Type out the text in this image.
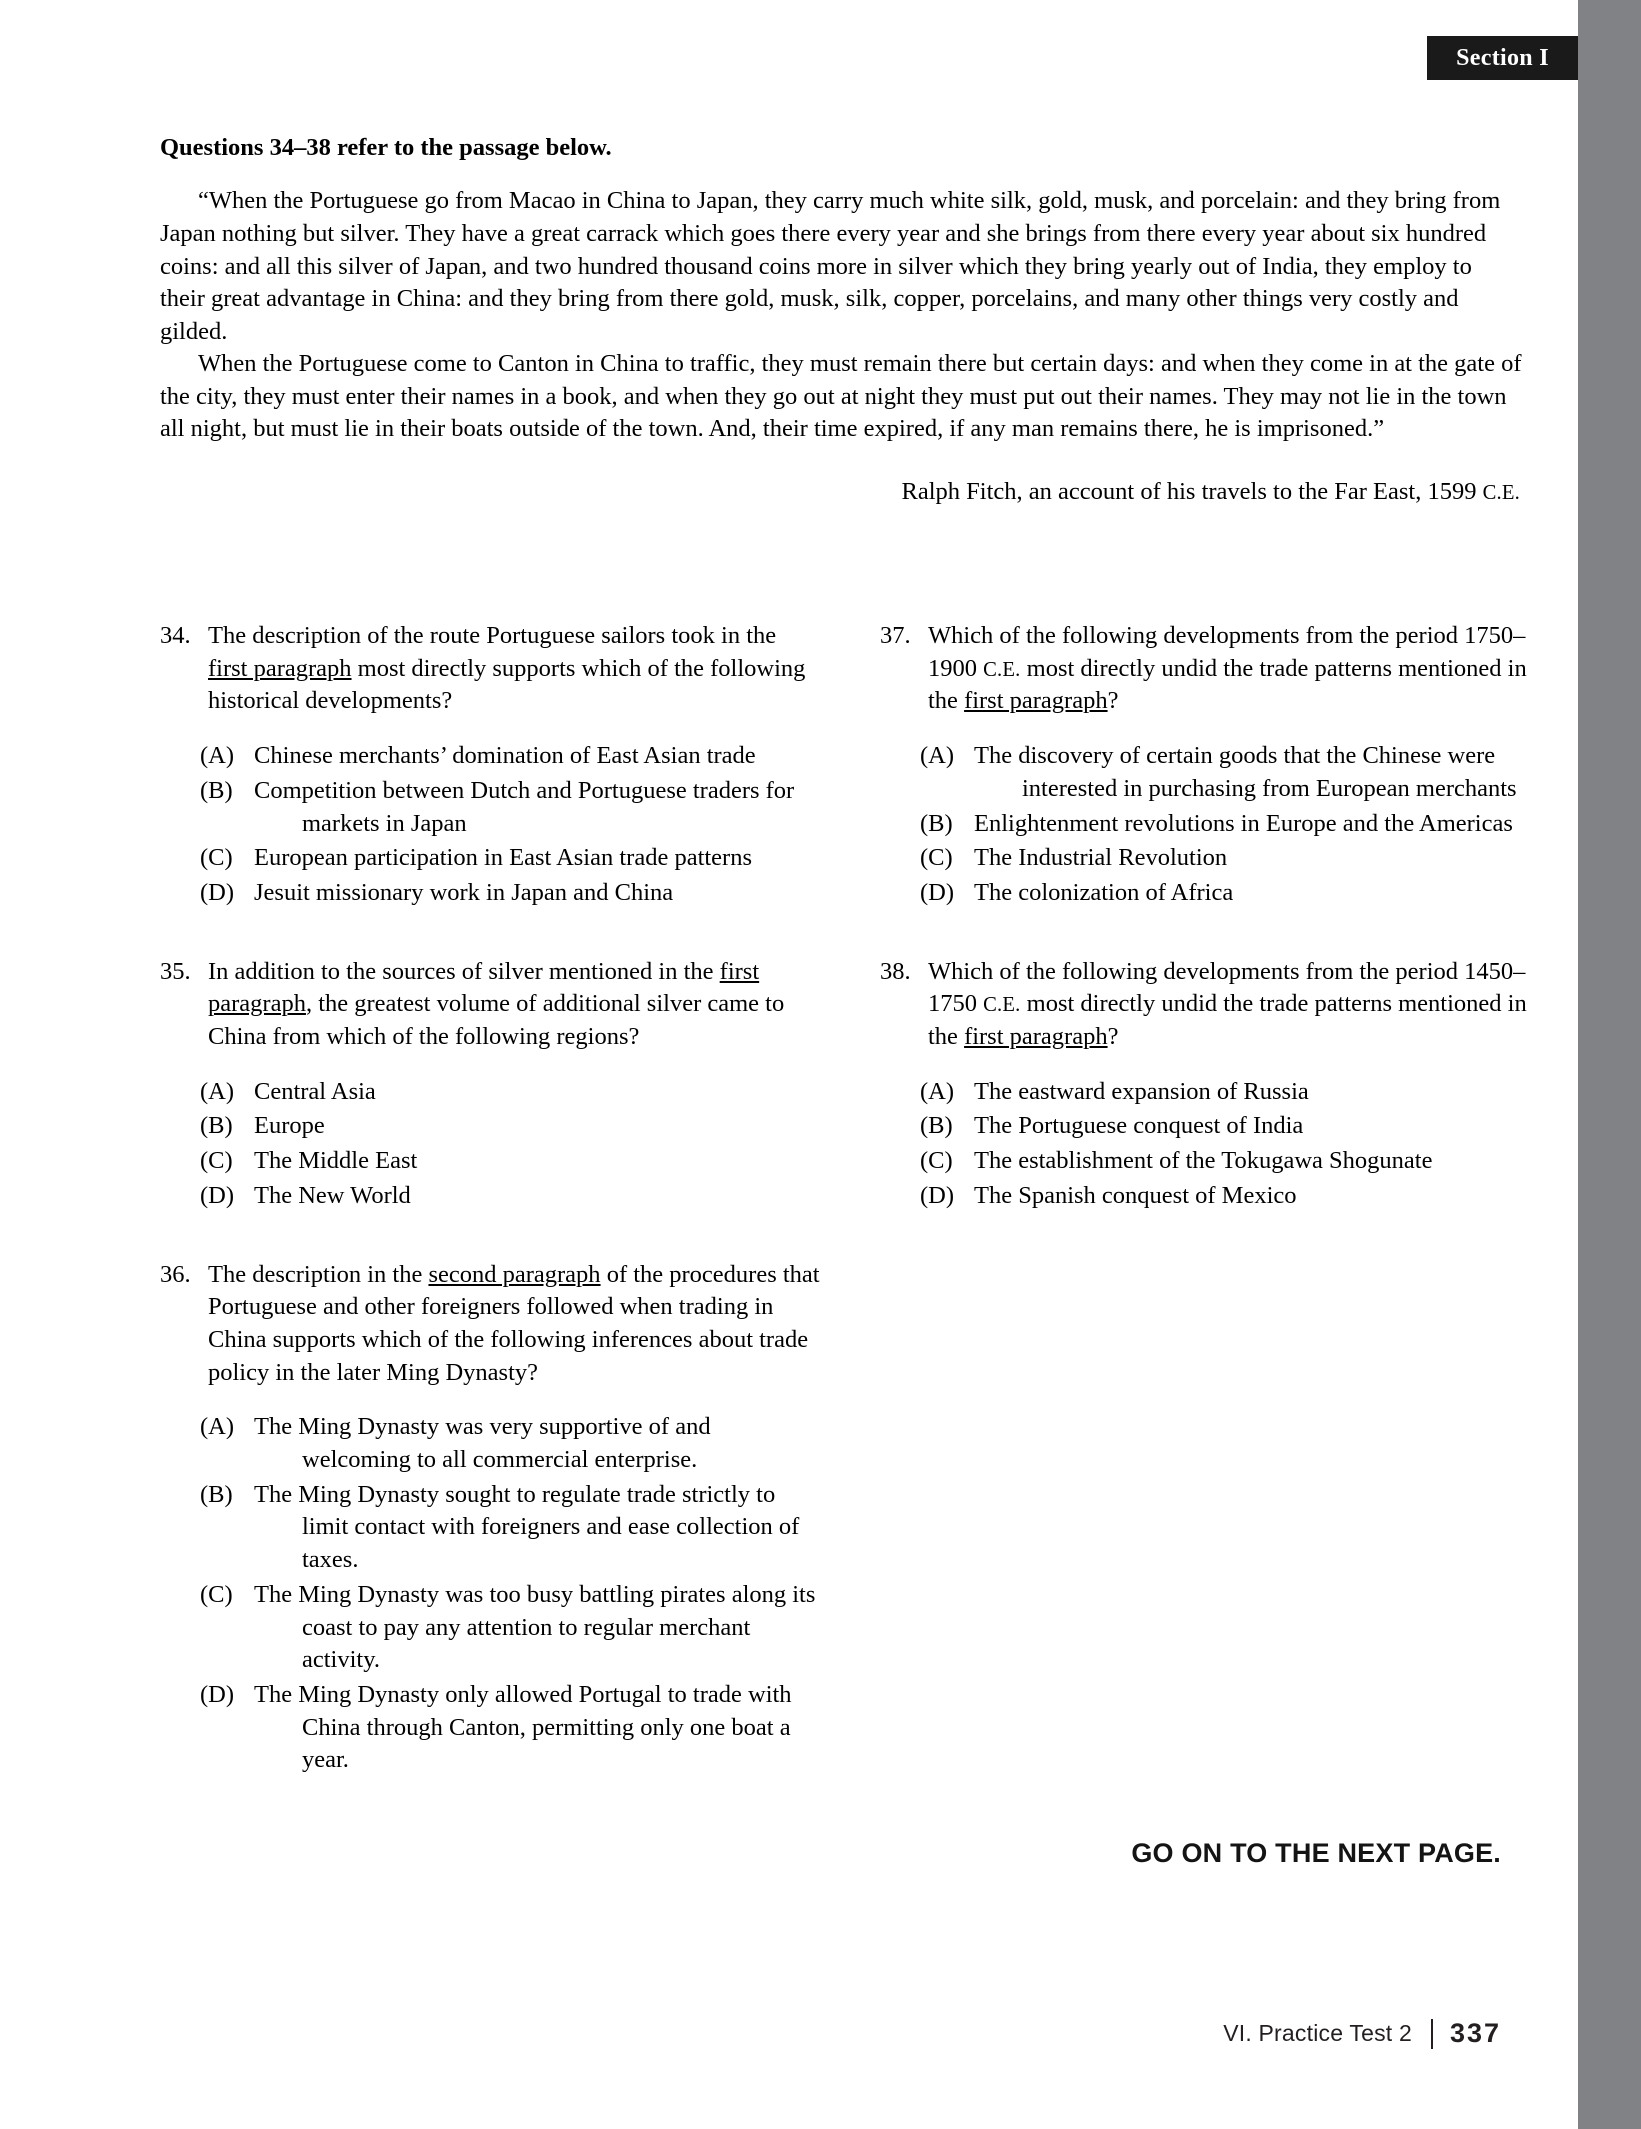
Section I
Questions 34–38 refer to the passage below.

“When the Portuguese go from Macao in China to Japan, they carry much white silk, gold, musk, and porcelain: and they bring from Japan nothing but silver. They have a great carrack which goes there every year and she brings from there every year about six hundred coins: and all this silver of Japan, and two hundred thousand coins more in silver which they bring yearly out of India, they employ to their great advantage in China: and they bring from there gold, musk, silk, copper, porcelains, and many other things very costly and gilded.

When the Portuguese come to Canton in China to traffic, they must remain there but certain days: and when they come in at the gate of the city, they must enter their names in a book, and when they go out at night they must put out their names. They may not lie in the town all night, but must lie in their boats outside of the town. And, their time expired, if any man remains there, he is imprisoned.”

Ralph Fitch, an account of his travels to the Far East, 1599 C.E.
34. The description of the route Portuguese sailors took in the first paragraph most directly supports which of the following historical developments?
(A) Chinese merchants’ domination of East Asian trade
(B) Competition between Dutch and Portuguese traders for markets in Japan
(C) European participation in East Asian trade patterns
(D) Jesuit missionary work in Japan and China
35. In addition to the sources of silver mentioned in the first paragraph, the greatest volume of additional silver came to China from which of the following regions?
(A) Central Asia
(B) Europe
(C) The Middle East
(D) The New World
36. The description in the second paragraph of the procedures that Portuguese and other foreigners followed when trading in China supports which of the following inferences about trade policy in the later Ming Dynasty?
(A) The Ming Dynasty was very supportive of and welcoming to all commercial enterprise.
(B) The Ming Dynasty sought to regulate trade strictly to limit contact with foreigners and ease collection of taxes.
(C) The Ming Dynasty was too busy battling pirates along its coast to pay any attention to regular merchant activity.
(D) The Ming Dynasty only allowed Portugal to trade with China through Canton, permitting only one boat a year.
37. Which of the following developments from the period 1750–1900 C.E. most directly undid the trade patterns mentioned in the first paragraph?
(A) The discovery of certain goods that the Chinese were interested in purchasing from European merchants
(B) Enlightenment revolutions in Europe and the Americas
(C) The Industrial Revolution
(D) The colonization of Africa
38. Which of the following developments from the period 1450–1750 C.E. most directly undid the trade patterns mentioned in the first paragraph?
(A) The eastward expansion of Russia
(B) The Portuguese conquest of India
(C) The establishment of the Tokugawa Shogunate
(D) The Spanish conquest of Mexico
GO ON TO THE NEXT PAGE.
VI. Practice Test 2 337
